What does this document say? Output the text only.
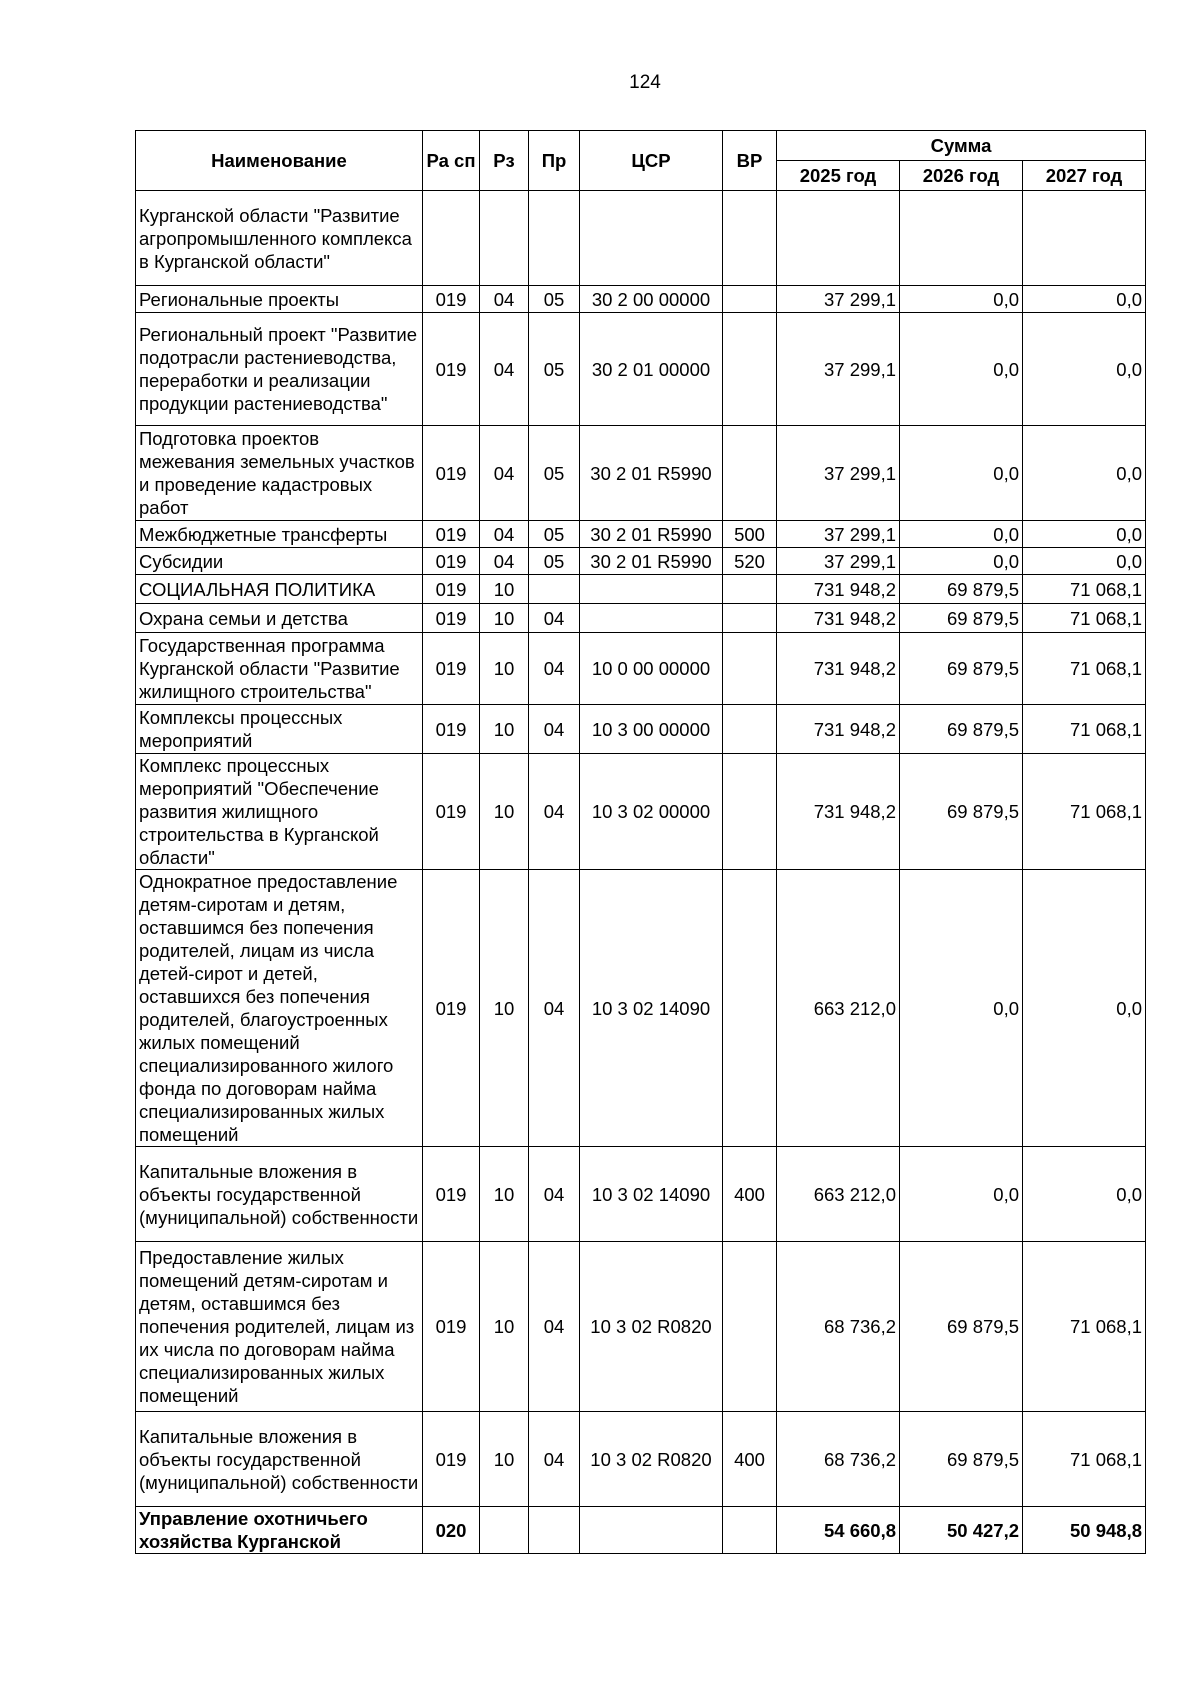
124
Наименование	Ра сп	Рз	Пр	ЦСР	ВР	Сумма		
						2025 год	2026 год	2027 год
Курганской области "Развитие агропромышленного комплекса в Курганской области"								
Региональные проекты	019	04	05	30 2 00 00000		37 299,1	0,0	0,0
Региональный проект "Развитие подотрасли растениеводства, переработки и реализации продукции растениеводства"	019	04	05	30 2 01 00000		37 299,1	0,0	0,0
Подготовка проектов межевания земельных участков и проведение кадастровых работ	019	04	05	30 2 01 R5990		37 299,1	0,0	0,0
Межбюджетные трансферты	019	04	05	30 2 01 R5990	500	37 299,1	0,0	0,0
Субсидии	019	04	05	30 2 01 R5990	520	37 299,1	0,0	0,0
СОЦИАЛЬНАЯ ПОЛИТИКА	019	10				731 948,2	69 879,5	71 068,1
Охрана семьи и детства	019	10	04			731 948,2	69 879,5	71 068,1
Государственная программа Курганской области "Развитие жилищного строительства"	019	10	04	10 0 00 00000		731 948,2	69 879,5	71 068,1
Комплексы процессных мероприятий	019	10	04	10 3 00 00000		731 948,2	69 879,5	71 068,1
Комплекс процессных мероприятий "Обеспечение развития жилищного строительства в Курганской области"	019	10	04	10 3 02 00000		731 948,2	69 879,5	71 068,1
Однократное предоставление детям-сиротам и детям, оставшимся без попечения родителей, лицам из числа детей-сирот и детей, оставшихся без попечения родителей, благоустроенных жилых помещений специализированного жилого фонда по договорам найма специализированных жилых помещений	019	10	04	10 3 02 14090		663 212,0	0,0	0,0
Капитальные вложения в объекты государственной (муниципальной) собственности	019	10	04	10 3 02 14090	400	663 212,0	0,0	0,0
Предоставление жилых помещений детям-сиротам и детям, оставшимся без попечения родителей, лицам из их числа по договорам найма специализированных жилых помещений	019	10	04	10 3 02 R0820		68 736,2	69 879,5	71 068,1
Капитальные вложения в объекты государственной (муниципальной) собственности	019	10	04	10 3 02 R0820	400	68 736,2	69 879,5	71 068,1
Управление охотничьего хозяйства Курганской	020					54 660,8	50 427,2	50 948,8
